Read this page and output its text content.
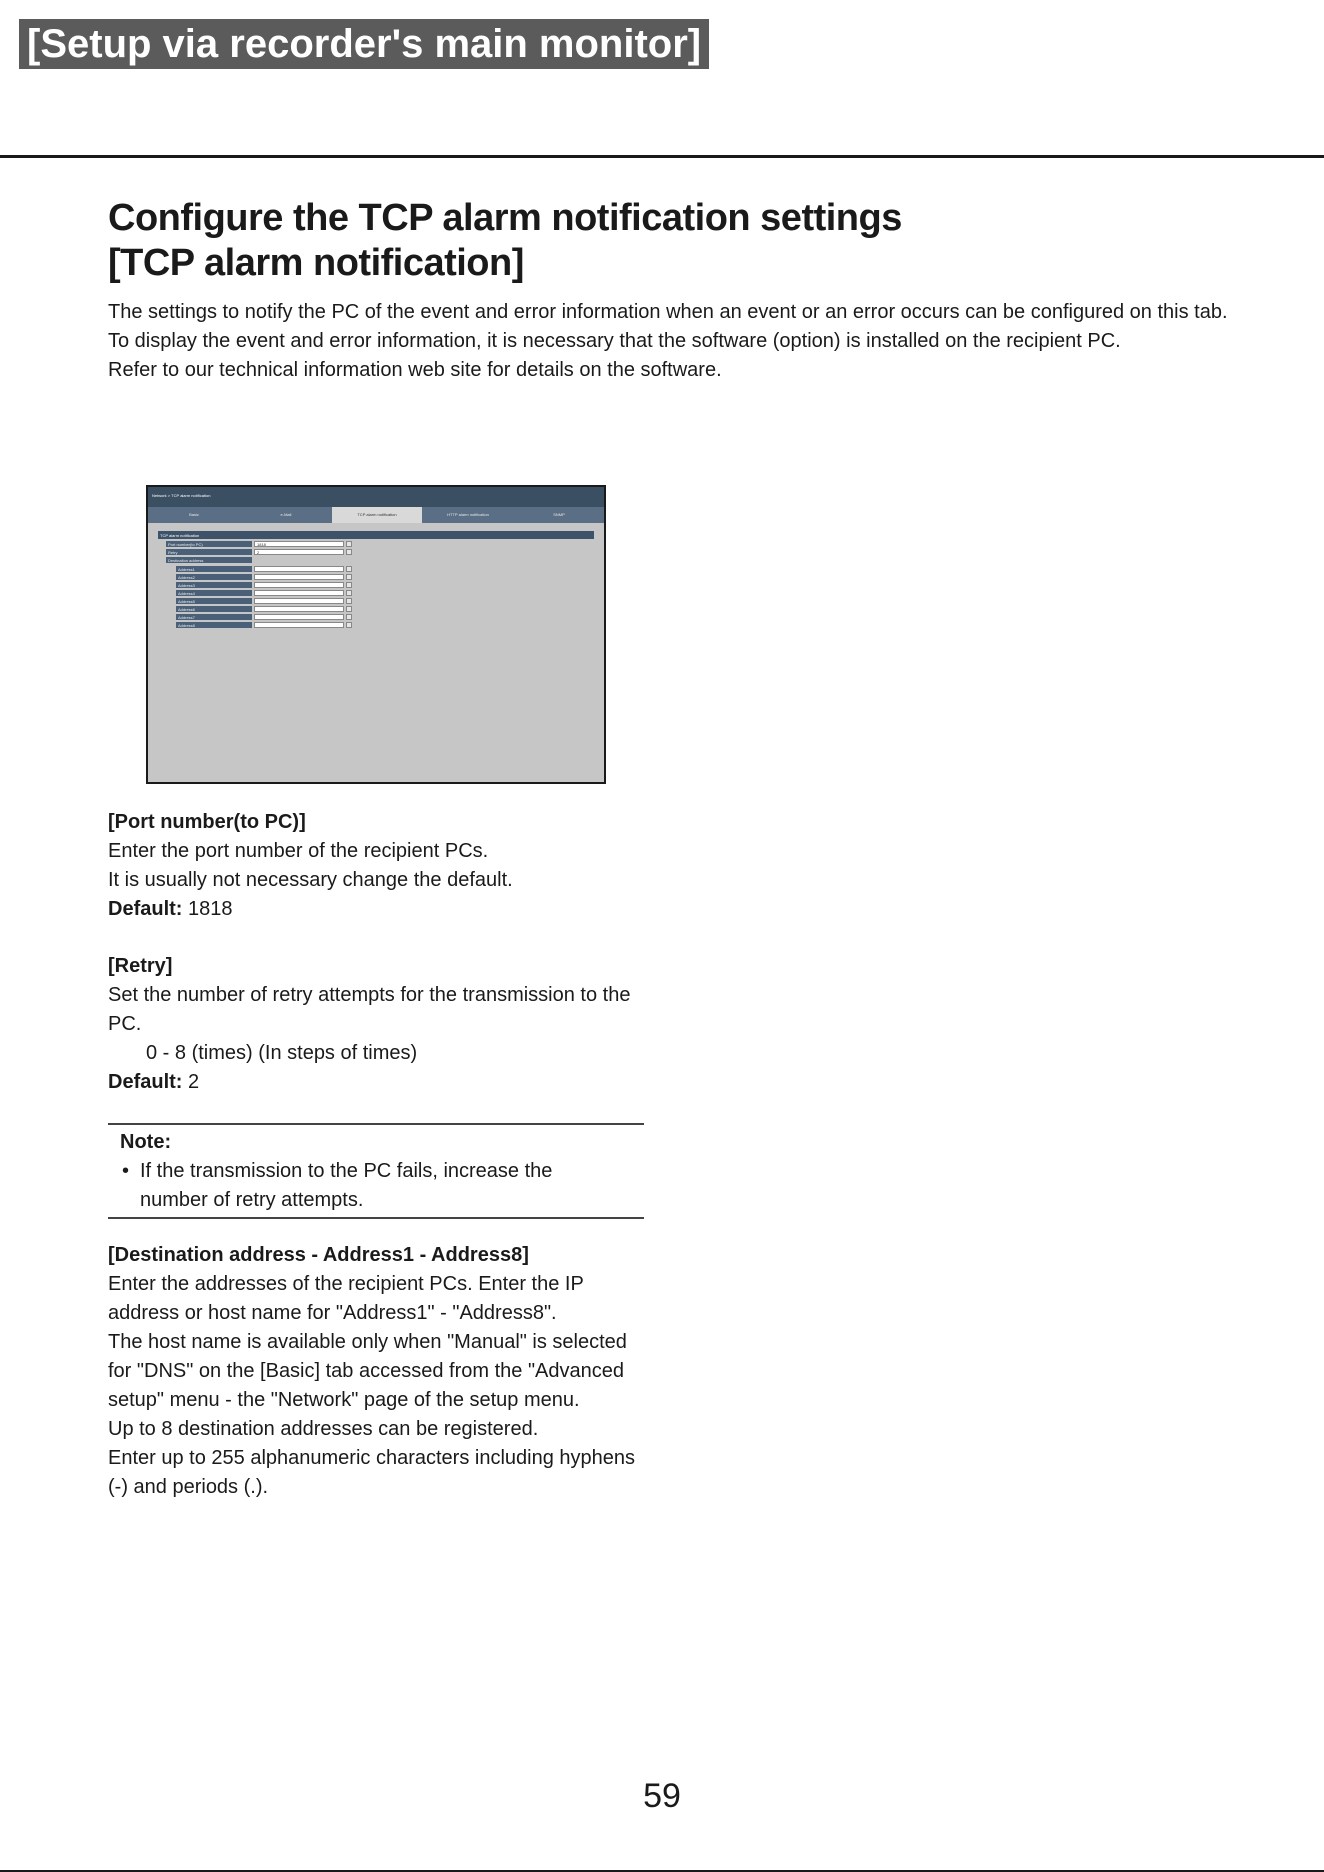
[Setup via recorder's main monitor]
Configure the TCP alarm notification settings
[TCP alarm notification]

The settings to notify the PC of the event and error information when an event or an error occurs can be configured on this tab.

To display the event and error information, it is necessary that the software (option) is installed on the recipient PC.

Refer to our technical information web site for details on the software.

Network > TCP alarm notification
Basic	e-Mail	TCP alarm notification	HTTP alarm notification	SNMP
TCP alarm notification
Port number(to PC)	1818
Retry	2
Destination address
Address1
Address2
Address3
Address4
Address5
Address6
Address7
Address8

[Port number(to PC)]

Enter the port number of the recipient PCs.

It is usually not necessary change the default.

Default: 1818

[Retry]

Set the number of retry attempts for the transmission to the PC.

0 - 8 (times) (In steps of times)

Default: 2

Note:
• If the transmission to the PC fails, increase the number of retry attempts.

[Destination address - Address1 - Address8]

Enter the addresses of the recipient PCs. Enter the IP address or host name for "Address1" - "Address8".

The host name is available only when "Manual" is selected for "DNS" on the [Basic] tab accessed from the "Advanced setup" menu - the "Network" page of the setup menu.

Up to 8 destination addresses can be registered.

Enter up to 255 alphanumeric characters including hyphens (-) and periods (.).

59
